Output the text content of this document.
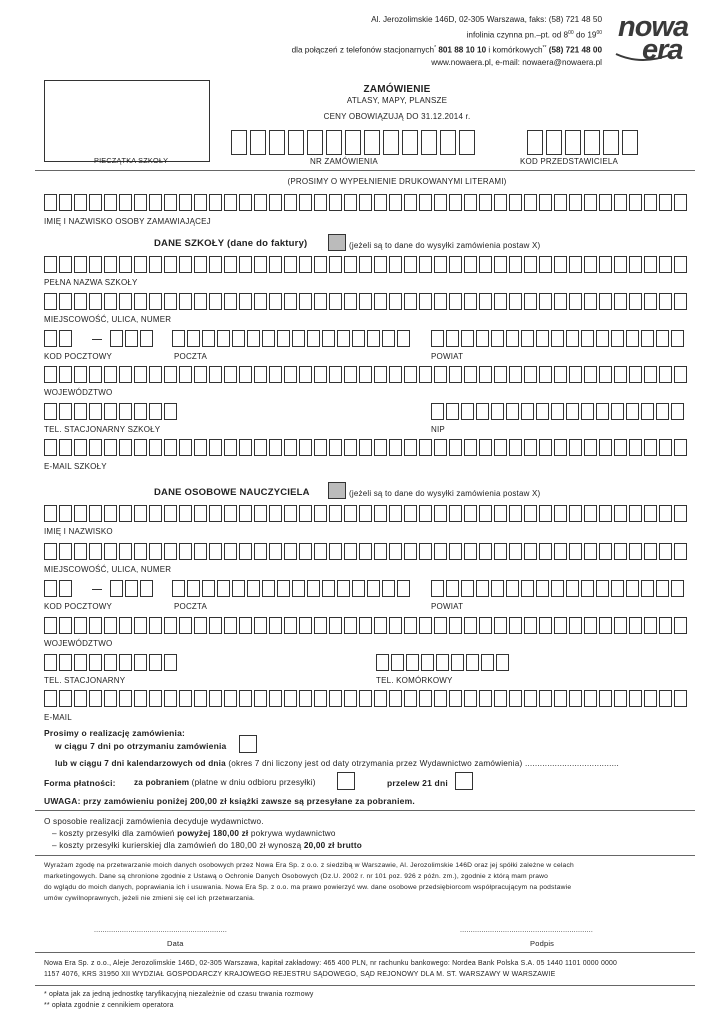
Al. Jerozolimskie 146D, 02-305 Warszawa, faks: (58) 721 48 50
infolinia czynna pn.–pt. od $8^{00}$ do $19^{00}$
dla połączeń z telefonów stacjonarnych* 801 88 10 10 i komórkowych** (58) 721 48 00
www.nowaera.pl, e-mail: nowaera@nowaera.pl
nowa
era
PIECZĄTKA SZKOŁY
ZAMÓWIENIE
ATLASY, MAPY, PLANSZE
CENY OBOWIĄZUJĄ DO 31.12.2014 r.
NR ZAMÓWIENIA	KOD PRZEDSTAWICIELA
(PROSIMY O WYPEŁNIENIE DRUKOWANYMI LITERAMI)
IMIĘ I NAZWISKO OSOBY ZAMAWIAJĄCEJ
DANE SZKOŁY (dane do faktury)	(jeżeli są to dane do wysyłki zamówienia postaw X)
PEŁNA NAZWA SZKOŁY
MIEJSCOWOŚĆ, ULICA, NUMER
KOD POCZTOWY	POCZTA	POWIAT
WOJEWÓDZTWO
TEL. STACJONARNY SZKOŁY	NIP
E-MAIL SZKOŁY
DANE OSOBOWE NAUCZYCIELA	(jeżeli są to dane do wysyłki zamówienia postaw X)
IMIĘ I NAZWISKO
MIEJSCOWOŚĆ, ULICA, NUMER
KOD POCZTOWY	POCZTA	POWIAT
WOJEWÓDZTWO
TEL. STACJONARNY	TEL. KOMÓRKOWY
E-MAIL
Prosimy o realizację zamówienia:
w ciągu 7 dni po otrzymaniu zamówienia
lub w ciągu 7 dni kalendarzowych od dnia (okres 7 dni liczony jest od daty otrzymania przez Wydawnictwo zamówienia) ......................................
Forma płatności: za pobraniem (płatne w dniu odbioru przesyłki)	przelew 21 dni
UWAGA: przy zamówieniu poniżej 200,00 zł książki zawsze są przesyłane za pobraniem.
O sposobie realizacji zamówienia decyduje wydawnictwo.
– koszty przesyłki dla zamówień powyżej 180,00 zł pokrywa wydawnictwo
– koszty przesyłki kurierskiej dla zamówień do 180,00 zł wynoszą 20,00 zł brutto
Wyrażam zgodę na przetwarzanie moich danych osobowych przez Nowa Era Sp. z o.o. z siedzibą w Warszawie, Al. Jerozolimskie 146D oraz jej spółki zależne w celach
marketingowych. Dane są chronione zgodnie z Ustawą o Ochronie Danych Osobowych (Dz.U. 2002 r. nr 101 poz. 926 z późn. zm.), zgodnie z którą mam prawo
do wglądu do moich danych, poprawiania ich i usuwania. Nowa Era Sp. z o.o. ma prawo powierzyć ww. dane osobowe przedsiębiorcom współpracującym na podstawie
umów cywilnoprawnych, jeżeli nie zmieni się cel ich przetwarzania.
..............................................................
Data
..............................................................
Podpis
Nowa Era Sp. z o.o., Aleje Jerozolimskie 146D, 02-305 Warszawa, kapitał zakładowy: 465 400 PLN, nr rachunku bankowego: Nordea Bank Polska S.A. 05 1440 1101 0000 0000
1157 4076, KRS 31950 XII WYDZIAŁ GOSPODARCZY KRAJOWEGO REJESTRU SĄDOWEGO, SĄD REJONOWY DLA M. ST. WARSZAWY W WARSZAWIE
* opłata jak za jedną jednostkę taryfikacyjną niezależnie od czasu trwania rozmowy
** opłata zgodnie z cennikiem operatora
